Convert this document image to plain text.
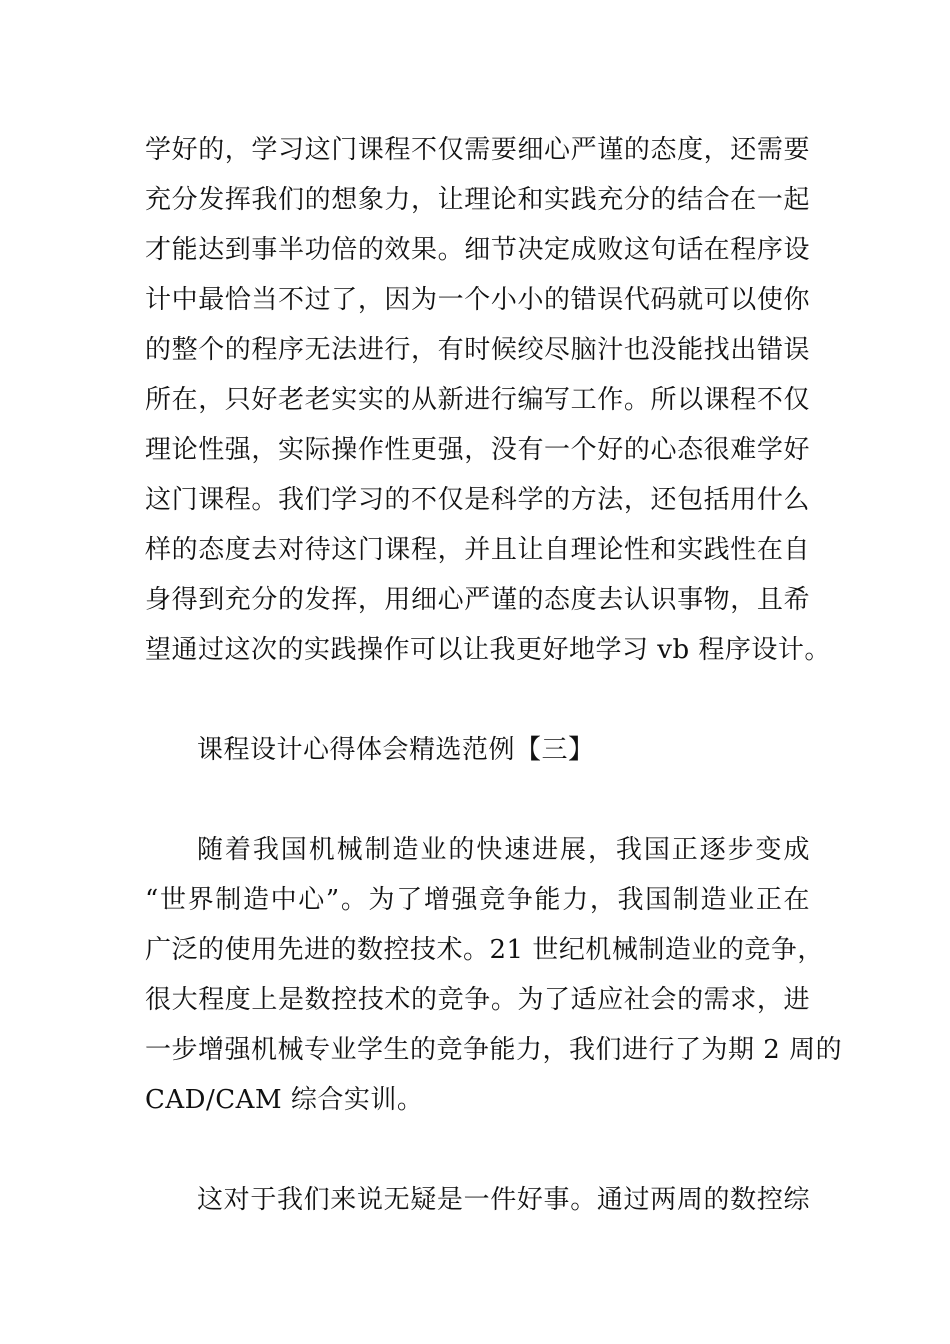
学好的，学习这门课程不仅需要细心严谨的态度，还需要
充分发挥我们的想象力，让理论和实践充分的结合在一起
才能达到事半功倍的效果。细节决定成败这句话在程序设
计中最恰当不过了，因为一个小小的错误代码就可以使你
的整个的程序无法进行，有时候绞尽脑汁也没能找出错误
所在，只好老老实实的从新进行编写工作。所以课程不仅
理论性强，实际操作性更强，没有一个好的心态很难学好
这门课程。我们学习的不仅是科学的方法，还包括用什么
样的态度去对待这门课程，并且让自理论性和实践性在自
身得到充分的发挥，用细心严谨的态度去认识事物，且希
望通过这次的实践操作可以让我更好地学习 vb 程序设计。
课程设计心得体会精选范例【三】
随着我国机械制造业的快速进展，我国正逐步变成
“世界制造中心”。为了增强竞争能力，我国制造业正在
广泛的使用先进的数控技术。21 世纪机械制造业的竞争，
很大程度上是数控技术的竞争。为了适应社会的需求，进
一步增强机械专业学生的竞争能力，我们进行了为期 2 周的
CAD/CAM 综合实训。
这对于我们来说无疑是一件好事。通过两周的数控综
